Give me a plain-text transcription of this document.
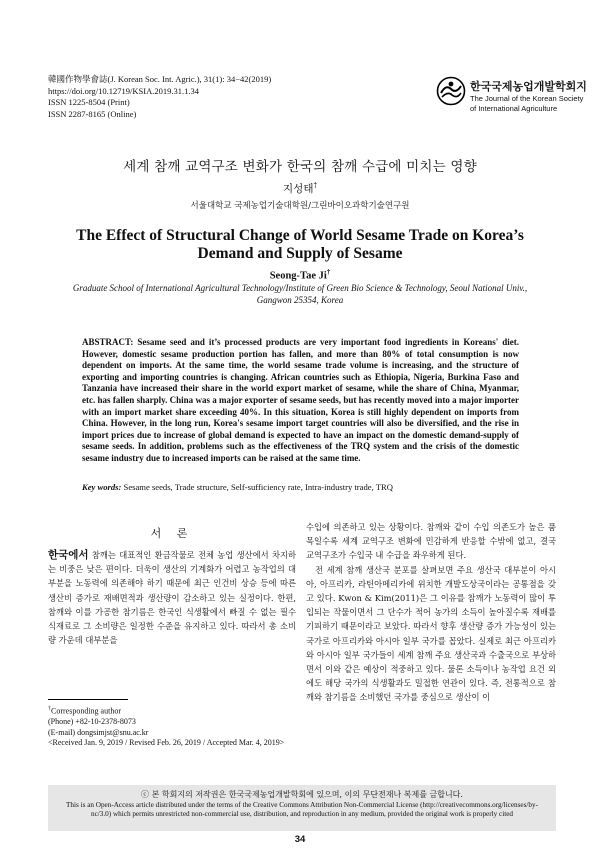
韓國作物學會誌(J. Korean Soc. Int. Agric.), 31(1): 34−42(2019)
https://doi.org/10.12719/KSIA.2019.31.1.34
ISSN 1225-8504 (Print)
ISSN 2287-8165 (Online)
한국국제농업개발학회지
The Journal of the Korean Society
of International Agriculture
세계 참깨 교역구조 변화가 한국의 참깨 수급에 미치는 영향
지성태†
서울대학교 국제농업기술대학원/그린바이오과학기술연구원
The Effect of Structural Change of World Sesame Trade on Korea’s Demand and Supply of Sesame
Seong-Tae Ji†
Graduate School of International Agricultural Technology/Institute of Green Bio Science & Technology, Seoul National Univ., Gangwon 25354, Korea

ABSTRACT: Sesame seed and it’s processed products are very important food ingredients in Koreans' diet. However, domestic sesame production portion has fallen, and more than 80% of total consumption is now dependent on imports. At the same time, the world sesame trade volume is increasing, and the structure of exporting and importing countries is changing. African countries such as Ethiopia, Nigeria, Burkina Faso and Tanzania have increased their share in the world export market of sesame, while the share of China, Myanmar, etc. has fallen sharply. China was a major exporter of sesame seeds, but has recently moved into a major importer with an import market share exceeding 40%. In this situation, Korea is still highly dependent on imports from China. However, in the long run, Korea's sesame import target countries will also be diversified, and the rise in import prices due to increase of global demand is expected to have an impact on the domestic demand-supply of sesame seeds. In addition, problems such as the effectiveness of the TRQ system and the crisis of the domestic sesame industry due to increased imports can be raised at the same time.

Key words: Sesame seeds, Trade structure, Self-sufficiency rate, Intra-industry trade, TRQ

서 론

한국에서 참깨는 대표적인 환금작물로 전체 농업 생산에서 차지하는 비중은 낮은 편이다. 더욱이 생산의 기계화가 어렵고 농작업의 대부분을 노동력에 의존해야 하기 때문에 최근 인건비 상승 등에 따른 생산비 증가로 재배면적과 생산량이 감소하고 있는 실정이다. 한편, 참깨와 이를 가공한 참기름은 한국인 식생활에서 빠질 수 없는 필수 식재료로 그 소비량은 일정한 수준을 유지하고 있다. 따라서 총 소비량 가운데 대부분을

수입에 의존하고 있는 상황이다. 참깨와 같이 수입 의존도가 높은 품목일수록 세계 교역구조 변화에 민감하게 반응할 수밖에 없고, 결국 교역구조가 수입국 내 수급을 좌우하게 된다.

전 세계 참깨 생산국 분포를 살펴보면 주요 생산국 대부분이 아시아, 아프리카, 라틴아메리카에 위치한 개발도상국이라는 공통점을 갖고 있다. Kwon & Kim(2011)은 그 이유를 참깨가 노동력이 많이 투입되는 작물이면서 그 단수가 적어 농가의 소득이 높아질수록 재배를 기피하기 때문이라고 보았다. 따라서 향후 생산량 증가 가능성이 있는 국가로 아프리카와 아시아 일부 국가를 꼽았다. 실제로 최근 아프리카와 아시아 일부 국가들이 세계 참깨 주요 생산국과 수출국으로 부상하면서 이와 같은 예상이 적중하고 있다. 물론 소득이나 농작업 요건 외에도 해당 국가의 식생활과도 밀접한 연관이 있다. 즉, 전통적으로 참깨와 참기름을 소비했던 국가를 중심으로 생산이 이

†Corresponding author
(Phone) +82-10-2378-8073
(E-mail) dongsimjst@snu.ac.kr
<Received Jan. 9, 2019 / Revised Feb. 26, 2019 / Accepted Mar. 4, 2019>
ⓒ 본 학회지의 저작권은 한국국제농업개발학회에 있으며, 이의 무단전재나 복제를 금합니다.

This is an Open-Access article distributed under the terms of the Creative Commons Attribution Non-Commercial License (http://creativecommons.org/licenses/by-nc/3.0) which permits unrestricted non-commercial use, distribution, and reproduction in any medium, provided the original work is properly cited

34
